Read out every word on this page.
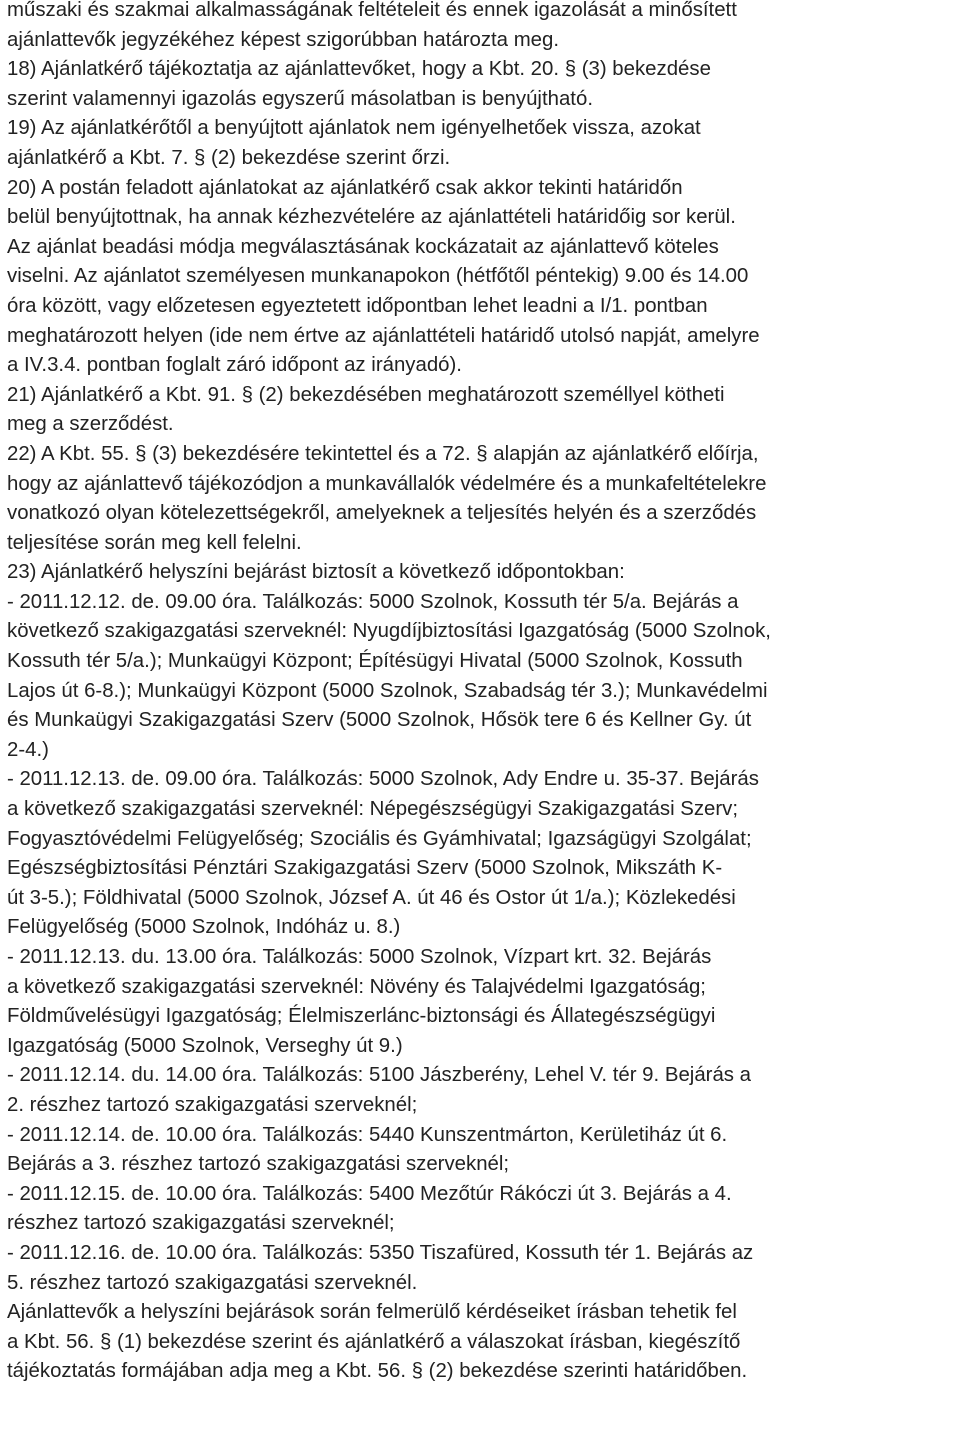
műszaki és szakmai alkalmasságának feltételeit és ennek igazolását a minősített
ajánlattevők jegyzékéhez képest szigorúbban határozta meg.
18) Ajánlatkérő tájékoztatja az ajánlattevőket, hogy a Kbt. 20. § (3) bekezdése
szerint valamennyi igazolás egyszerű másolatban is benyújtható.
19) Az ajánlatkérőtől a benyújtott ajánlatok nem igényelhetőek vissza, azokat
ajánlatkérő a Kbt. 7. § (2) bekezdése szerint őrzi.
20) A postán feladott ajánlatokat az ajánlatkérő csak akkor tekinti határidőn
belül benyújtottnak, ha annak kézhezvételére az ajánlattételi határidőig sor kerül.
Az ajánlat beadási módja megválasztásának kockázatait az ajánlattevő köteles
viselni. Az ajánlatot személyesen munkanapokon (hétfőtől péntekig) 9.00 és 14.00
óra között, vagy előzetesen egyeztetett időpontban lehet leadni a I/1. pontban
meghatározott helyen (ide nem értve az ajánlattételi határidő utolsó napját, amelyre
a IV.3.4. pontban foglalt záró időpont az irányadó).
21) Ajánlatkérő a Kbt. 91. § (2) bekezdésében meghatározott személlyel kötheti
meg a szerződést.
22) A Kbt. 55. § (3) bekezdésére tekintettel és a 72. § alapján az ajánlatkérő előírja,
hogy az ajánlattevő tájékozódjon a munkavállalók védelmére és a munkafeltételekre
vonatkozó olyan kötelezettségekről, amelyeknek a teljesítés helyén és a szerződés
teljesítése során meg kell felelni.
23) Ajánlatkérő helyszíni bejárást biztosít a következő időpontokban:
- 2011.12.12. de. 09.00 óra. Találkozás: 5000 Szolnok, Kossuth tér 5/a. Bejárás a
következő szakigazgatási szerveknél: Nyugdíjbiztosítási Igazgatóság (5000 Szolnok,
Kossuth tér 5/a.); Munkaügyi Központ; Építésügyi Hivatal (5000 Szolnok, Kossuth
Lajos út 6-8.); Munkaügyi Központ (5000 Szolnok, Szabadság tér 3.); Munkavédelmi
és Munkaügyi Szakigazgatási Szerv (5000 Szolnok, Hősök tere 6 és Kellner Gy. út
2-4.)
- 2011.12.13. de. 09.00 óra. Találkozás: 5000 Szolnok, Ady Endre u. 35-37. Bejárás
a következő szakigazgatási szerveknél: Népegészségügyi Szakigazgatási Szerv;
Fogyasztóvédelmi Felügyelőség; Szociális és Gyámhivatal; Igazságügyi Szolgálat;
Egészségbiztosítási Pénztári Szakigazgatási Szerv (5000 Szolnok, Mikszáth K-
út 3-5.); Földhivatal (5000 Szolnok, József A. út 46 és Ostor út 1/a.); Közlekedési
Felügyelőség (5000 Szolnok, Indóház u. 8.)
- 2011.12.13. du. 13.00 óra. Találkozás: 5000 Szolnok, Vízpart krt. 32. Bejárás
a következő szakigazgatási szerveknél: Növény és Talajvédelmi Igazgatóság;
Földművelésügyi Igazgatóság; Élelmiszerlánc-biztonsági és Állategészségügyi
Igazgatóság (5000 Szolnok, Verseghy út 9.)
- 2011.12.14. du. 14.00 óra. Találkozás: 5100 Jászberény, Lehel V. tér 9. Bejárás a
2. részhez tartozó szakigazgatási szerveknél;
- 2011.12.14. de. 10.00 óra. Találkozás: 5440 Kunszentmárton, Kerületiház út 6.
Bejárás a 3. részhez tartozó szakigazgatási szerveknél;
- 2011.12.15. de. 10.00 óra. Találkozás: 5400 Mezőtúr Rákóczi út 3. Bejárás a 4.
részhez tartozó szakigazgatási szerveknél;
- 2011.12.16. de. 10.00 óra. Találkozás: 5350 Tiszafüred, Kossuth tér 1. Bejárás az
5. részhez tartozó szakigazgatási szerveknél.
Ajánlattevők a helyszíni bejárások során felmerülő kérdéseiket írásban tehetik fel
a Kbt. 56. § (1) bekezdése szerint és ajánlatkérő a válaszokat írásban, kiegészítő
tájékoztatás formájában adja meg a Kbt. 56. § (2) bekezdése szerinti határidőben.
